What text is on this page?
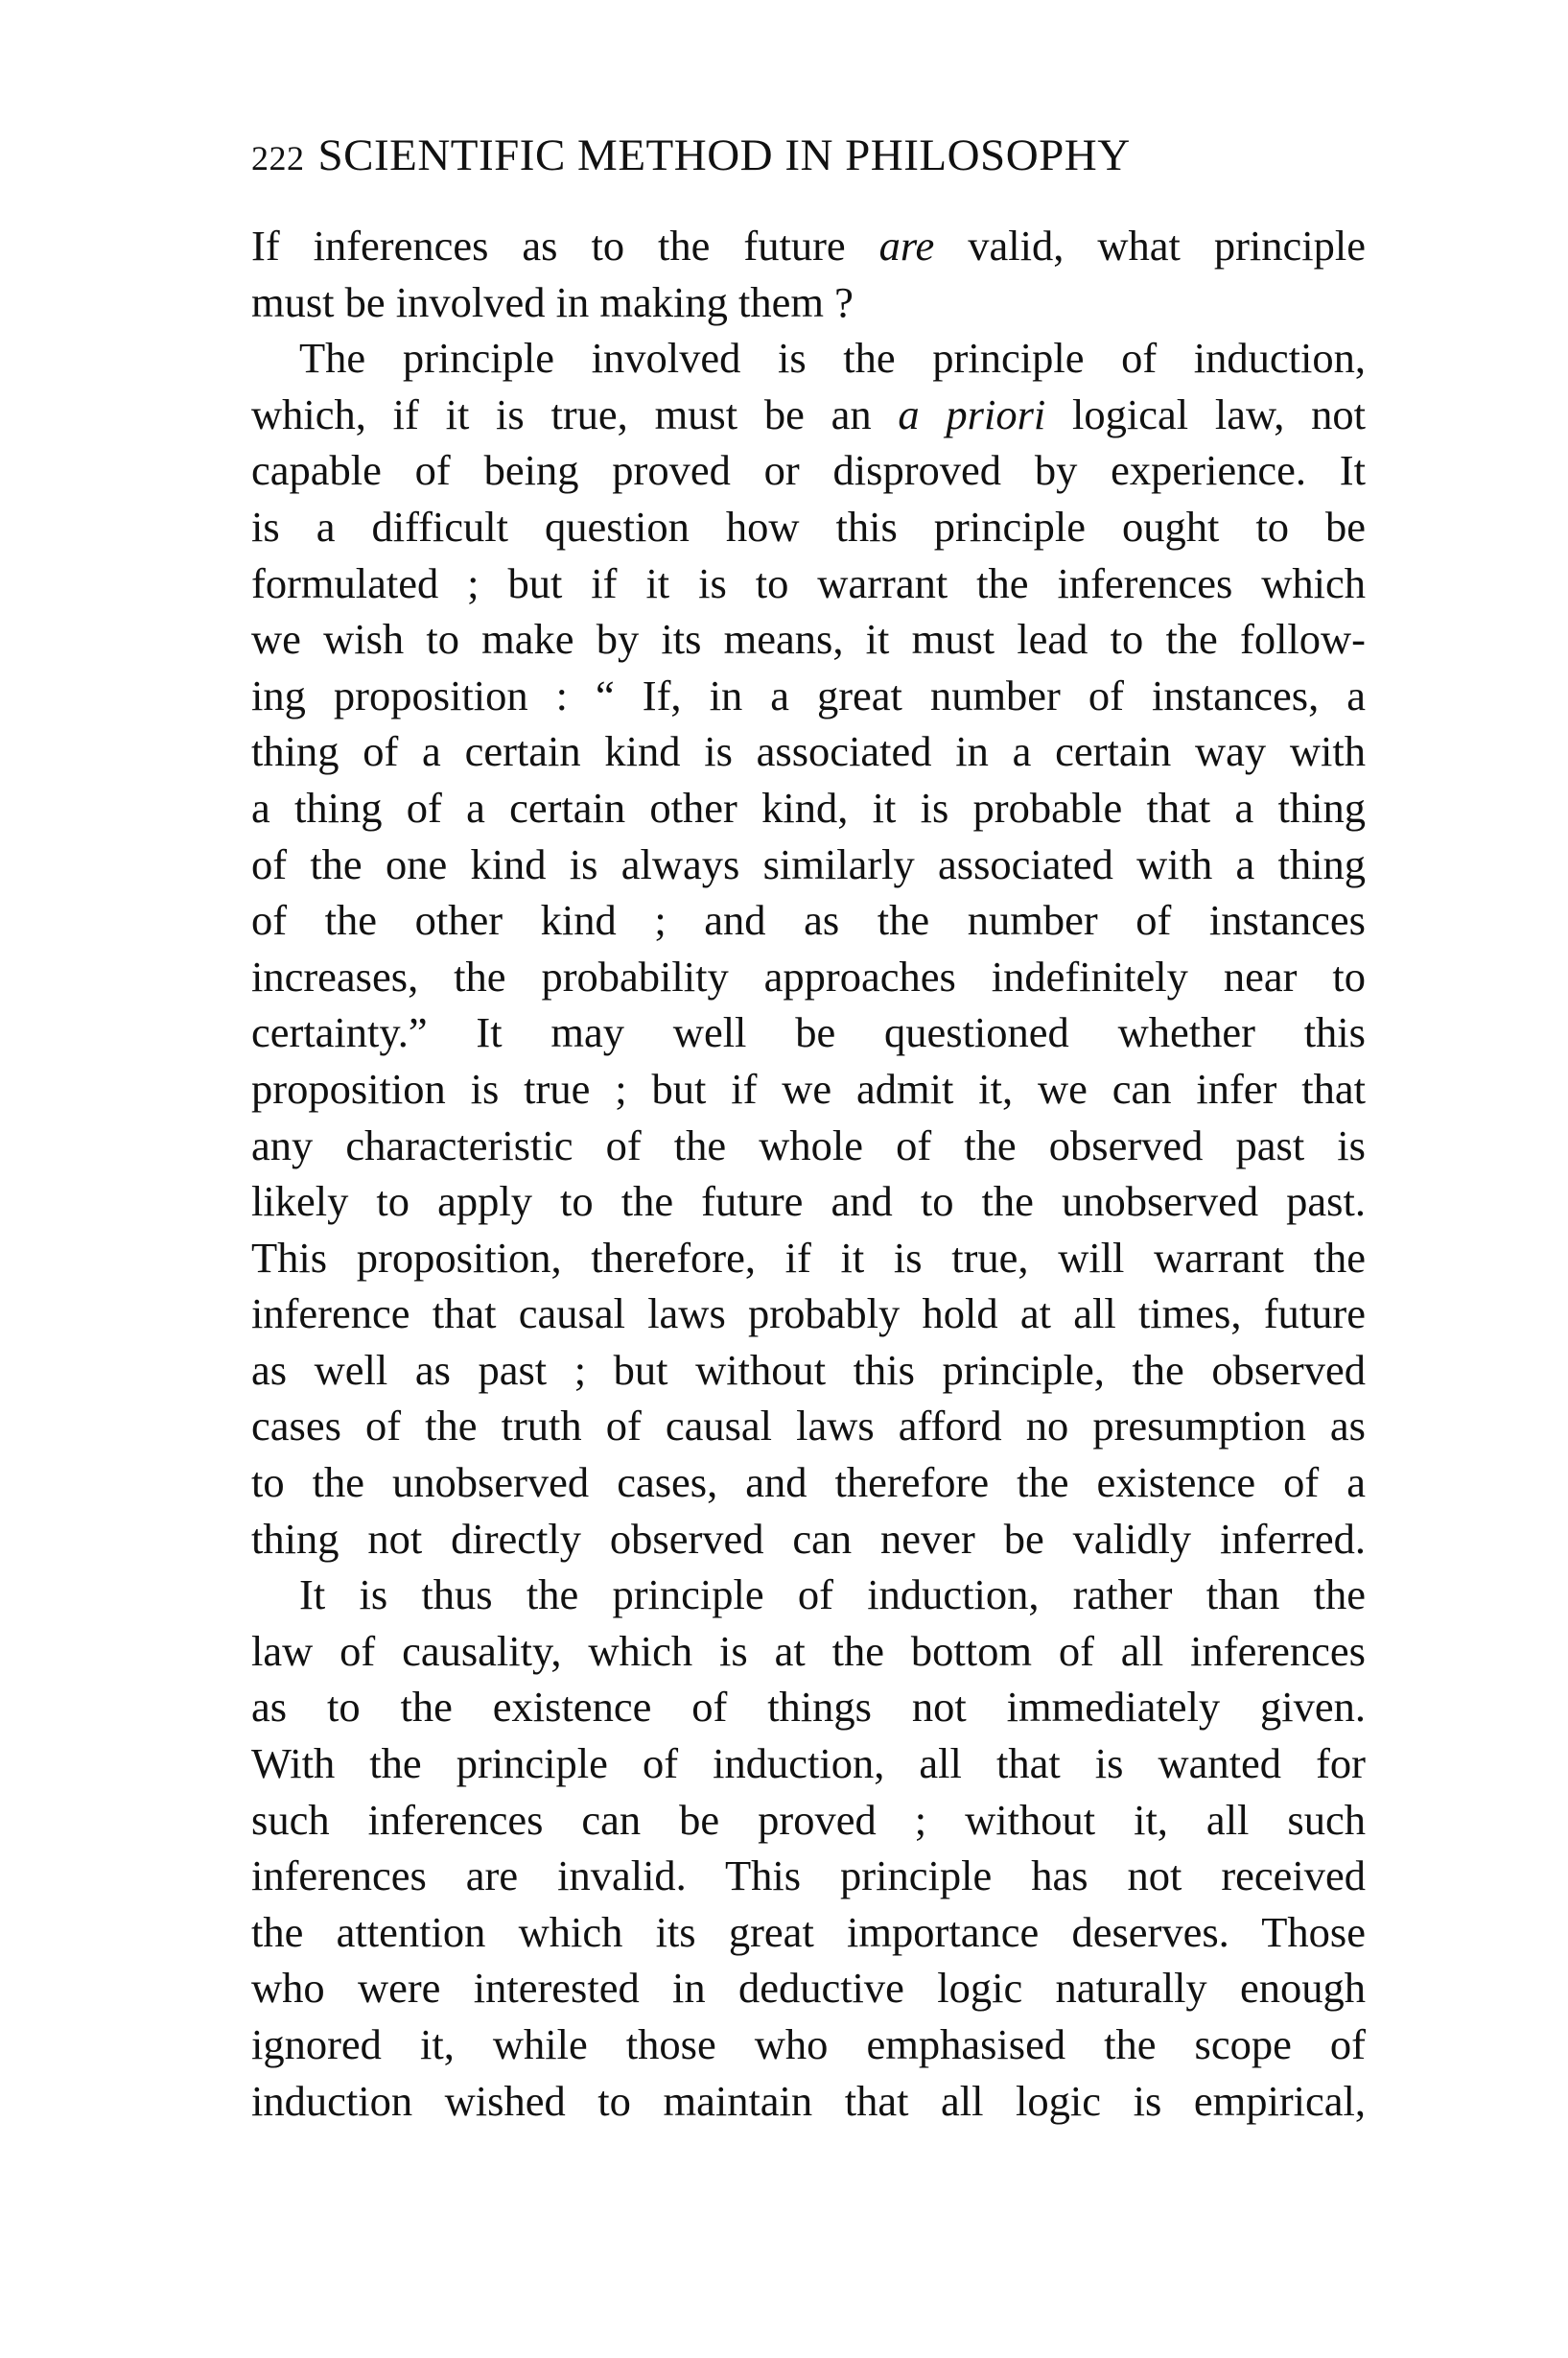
222 SCIENTIFIC METHOD IN PHILOSOPHY
If inferences as to the future are valid, what principle
must be involved in making them ?
The principle involved is the principle of induction,
which, if it is true, must be an a priori logical law, not
capable of being proved or disproved by experience. It
is a difficult question how this principle ought to be
formulated ; but if it is to warrant the inferences which
we wish to make by its means, it must lead to the follow-
ing proposition : “ If, in a great number of instances, a
thing of a certain kind is associated in a certain way with
a thing of a certain other kind, it is probable that a thing
of the one kind is always similarly associated with a thing
of the other kind ; and as the number of instances
increases, the probability approaches indefinitely near to
certainty.” It may well be questioned whether this
proposition is true ; but if we admit it, we can infer that
any characteristic of the whole of the observed past is
likely to apply to the future and to the unobserved past.
This proposition, therefore, if it is true, will warrant the
inference that causal laws probably hold at all times, future
as well as past ; but without this principle, the observed
cases of the truth of causal laws afford no presumption as
to the unobserved cases, and therefore the existence of a
thing not directly observed can never be validly inferred.
It is thus the principle of induction, rather than the
law of causality, which is at the bottom of all inferences
as to the existence of things not immediately given.
With the principle of induction, all that is wanted for
such inferences can be proved ; without it, all such
inferences are invalid. This principle has not received
the attention which its great importance deserves. Those
who were interested in deductive logic naturally enough
ignored it, while those who emphasised the scope of
induction wished to maintain that all logic is empirical,
